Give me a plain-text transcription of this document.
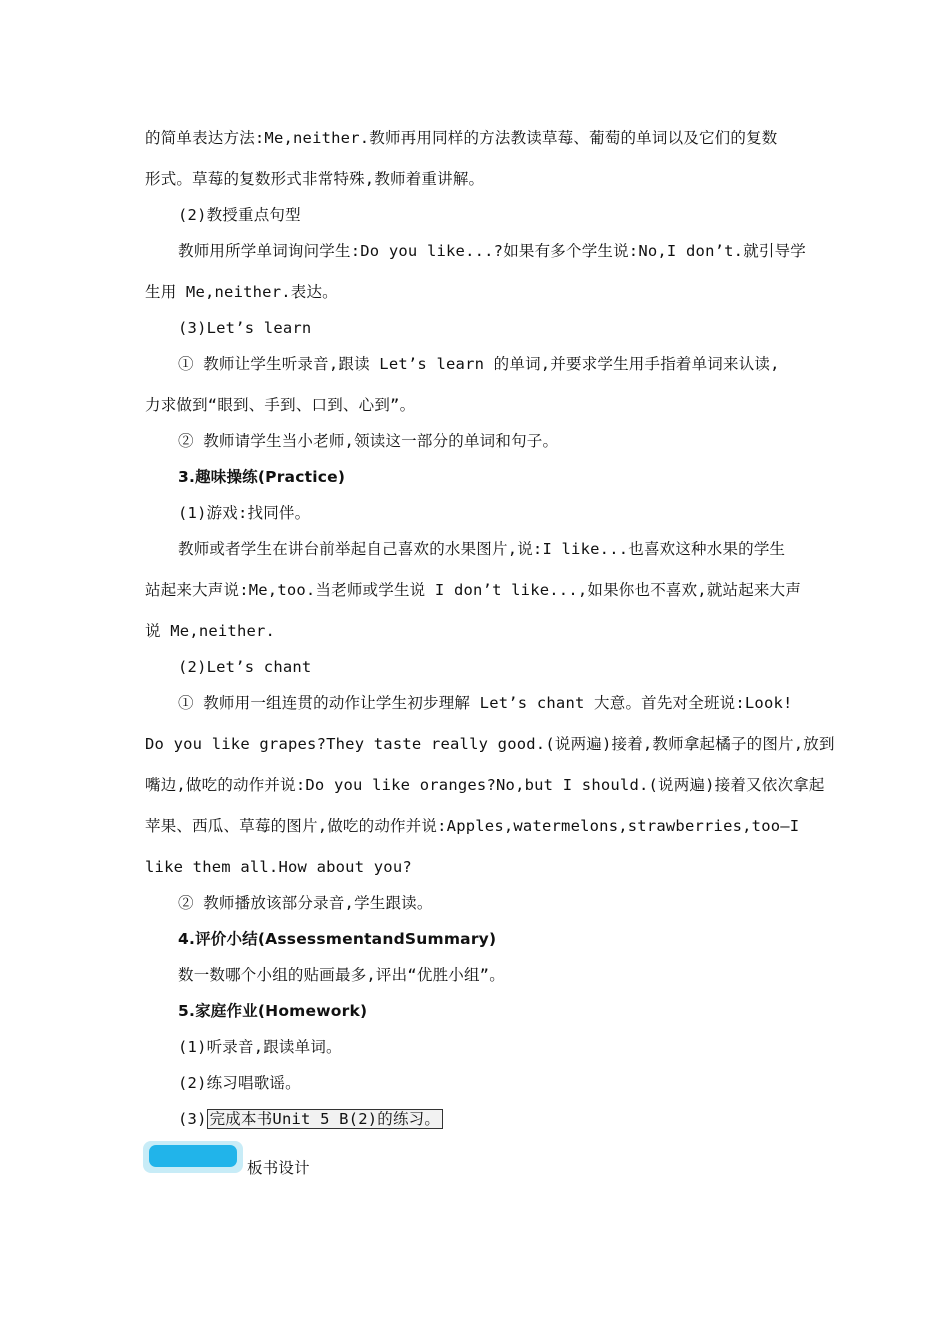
的简单表达方法:Me,neither.教师再用同样的方法教读草莓、葡萄的单词以及它们的复数
形式。草莓的复数形式非常特殊,教师着重讲解。
(2)教授重点句型
教师用所学单词询问学生:Do you like...?如果有多个学生说:No,I don’t.就引导学
生用 Me,neither.表达。
(3)Let’s learn
① 教师让学生听录音,跟读 Let’s learn 的单词,并要求学生用手指着单词来认读,
力求做到“眼到、手到、口到、心到”。
② 教师请学生当小老师,领读这一部分的单词和句子。
3.趣味操练(Practice)
(1)游戏:找同伴。
教师或者学生在讲台前举起自己喜欢的水果图片,说:I like...也喜欢这种水果的学生
站起来大声说:Me,too.当老师或学生说 I don’t like...,如果你也不喜欢,就站起来大声
说 Me,neither.
(2)Let’s chant
① 教师用一组连贯的动作让学生初步理解 Let’s chant 大意。首先对全班说:Look!
Do you like grapes?They taste really good.(说两遍)接着,教师拿起橘子的图片,放到
嘴边,做吃的动作并说:Do you like oranges?No,but I should.(说两遍)接着又依次拿起
苹果、西瓜、草莓的图片,做吃的动作并说:Apples,watermelons,strawberries,too—I
like them all.How about you?
② 教师播放该部分录音,学生跟读。
4.评价小结(AssessmentandSummary)
数一数哪个小组的贴画最多,评出“优胜小组”。
5.家庭作业(Homework)
(1)听录音,跟读单词。
(2)练习唱歌谣。
(3) 完成本书Unit 5 B(2)的练习。
板书设计
